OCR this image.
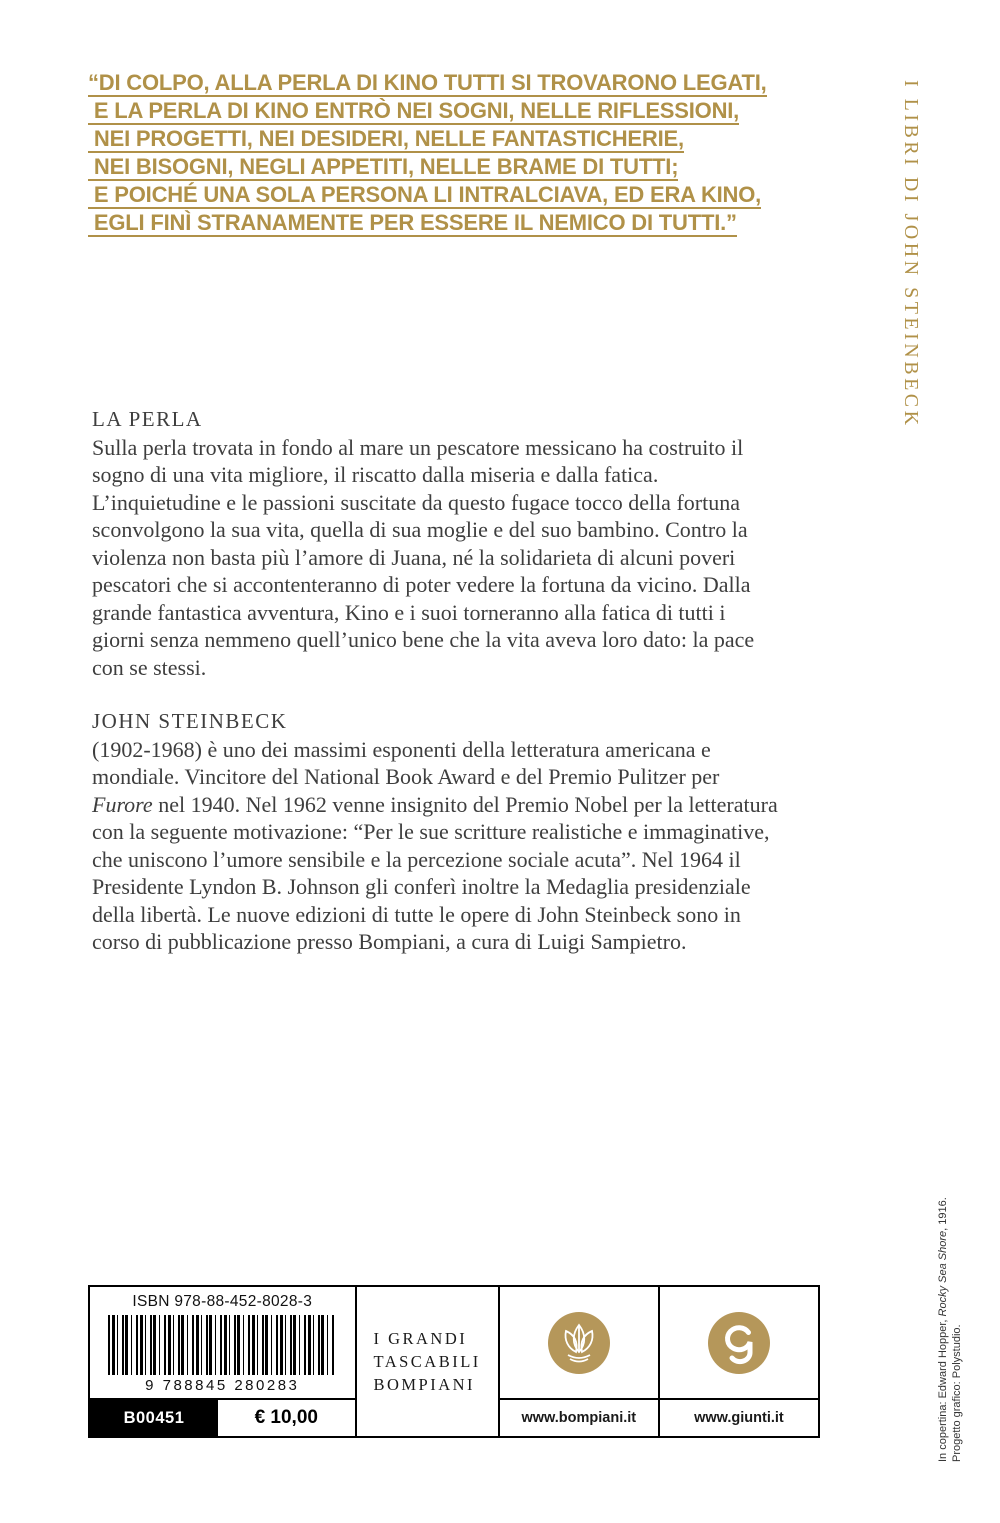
“DI COLPO, ALLA PERLA DI KINO TUTTI SI TROVARONO LEGATI,
E LA PERLA DI KINO ENTRÒ NEI SOGNI, NELLE RIFLESSIONI,
NEI PROGETTI, NEI DESIDERI, NELLE FANTASTICHERIE,
NEI BISOGNI, NEGLI APPETITI, NELLE BRAME DI TUTTI;
E POICHÉ UNA SOLA PERSONA LI INTRALCIAVA, ED ERA KINO,
EGLI FINÌ STRANAMENTE PER ESSERE IL NEMICO DI TUTTI.”	I LIBRI DI JOHN STEINBECK

LA PERLA

Sulla perla trovata in fondo al mare un pescatore messicano ha costruito il sogno di una vita migliore, il riscatto dalla miseria e dalla fatica. L’inquietudine e le passioni suscitate da questo fugace tocco della fortuna sconvolgono la sua vita, quella di sua moglie e del suo bambino. Contro la violenza non basta più l’amore di Juana, né la solidarieta di alcuni poveri pescatori che si accontenteranno di poter vedere la fortuna da vicino. Dalla grande fantastica avventura, Kino e i suoi torneranno alla fatica di tutti i giorni senza nemmeno quell’unico bene che la vita aveva loro dato: la pace con se stessi.

JOHN STEINBECK

(1902-1968) è uno dei massimi esponenti della letteratura americana e mondiale. Vincitore del National Book Award e del Premio Pulitzer per Furore nel 1940. Nel 1962 venne insignito del Premio Nobel per la letteratura con la seguente motivazione: “Per le sue scritture realistiche e immaginative, che uniscono l’umore sensibile e la percezione sociale acuta”. Nel 1964 il Presidente Lyndon B. Johnson gli conferì inoltre la Medaglia presidenziale della libertà. Le nuove edizioni di tutte le opere di John Steinbeck sono in corso di pubblicazione presso Bompiani, a cura di Luigi Sampietro.

ISBN 978-88-452-8028-3
9 788845 280283
B00451	€ 10,00
I GRANDI
TASCABILI
BOMPIANI
www.bompiani.it	www.giunti.it	In copertina: Edward Hopper, Rocky Sea Shore, 1916.
Progetto grafico: Polystudio.
